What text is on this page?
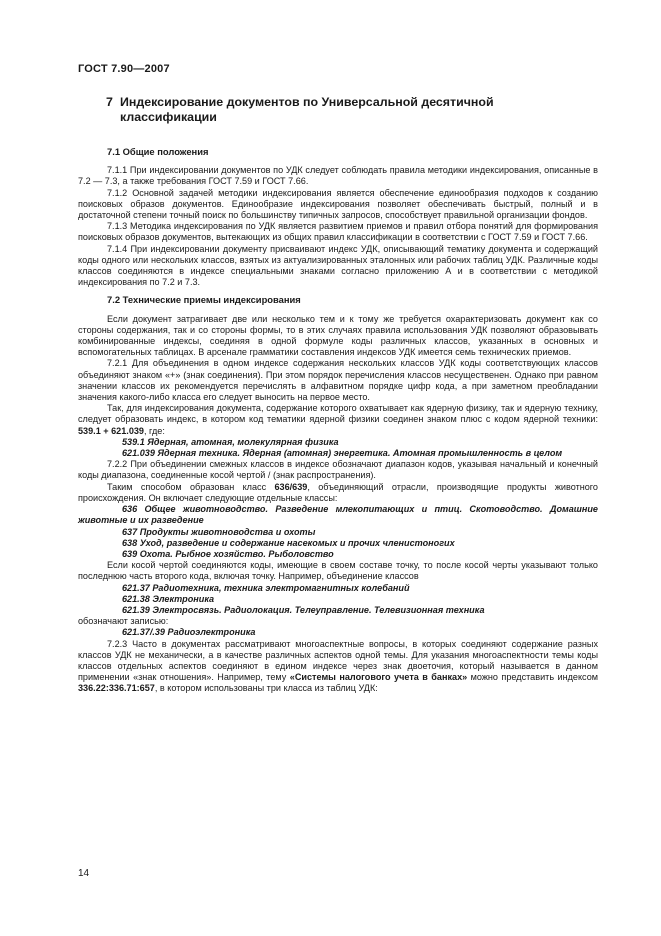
ГОСТ 7.90—2007
7 Индексирование документов по Универсальной десятичной
классификации
7.1 Общие положения

7.1.1 При индексировании документов по УДК следует соблюдать правила методики индексирования, описанные в 7.2 — 7.3, а также требования ГОСТ 7.59 и ГОСТ 7.66.

7.1.2 Основной задачей методики индексирования является обеспечение единообразия подходов к созданию поисковых образов документов. Единообразие индексирования позволяет обеспечивать быстрый, полный и в достаточной степени точный поиск по большинству типичных запросов, способствует правильной организации фондов.

7.1.3 Методика индексирования по УДК является развитием приемов и правил отбора понятий для формирования поисковых образов документов, вытекающих из общих правил классификации в соответствии с ГОСТ 7.59 и ГОСТ 7.66.

7.1.4 При индексировании документу присваивают индекс УДК, описывающий тематику документа и содержащий коды одного или нескольких классов, взятых из актуализированных эталонных или рабочих таблиц УДК. Различные коды классов соединяются в индексе специальными знаками согласно приложению А и в соответствии с методикой индексирования по 7.2 и 7.3.

7.2 Технические приемы индексирования

Если документ затрагивает две или несколько тем и к тому же требуется охарактеризовать документ как со стороны содержания, так и со стороны формы, то в этих случаях правила использования УДК позволяют образовывать комбинированные индексы, соединяя в одной формуле коды различных классов, указанных в основных и вспомогательных таблицах. В арсенале грамматики составления индексов УДК имеется семь технических приемов.

7.2.1 Для объединения в одном индексе содержания нескольких классов УДК коды соответствующих классов объединяют знаком «+» (знак соединения). При этом порядок перечисления классов несущественен. Однако при равном значении классов их рекомендуется перечислять в алфавитном порядке цифр кода, а при заметном преобладании значения какого-либо класса его следует выносить на первое место.

Так, для индексирования документа, содержание которого охватывает как ядерную физику, так и ядерную технику, следует образовать индекс, в котором код тематики ядерной физики соединен знаком плюс с кодом ядерной техники: 539.1 + 621.039, где:

539.1 Ядерная, атомная, молекулярная физика

621.039 Ядерная техника. Ядерная (атомная) энергетика. Атомная промышленность в целом

7.2.2 При объединении смежных классов в индексе обозначают диапазон кодов, указывая начальный и конечный коды диапазона, соединенные косой чертой / (знак распространения).

Таким способом образован класс 636/639, объединяющий отрасли, производящие продукты животного происхождения. Он включает следующие отдельные классы:

636 Общее животноводство. Разведение млекопитающих и птиц. Скотоводство. Домашние животные и их разведение

637 Продукты животноводства и охоты

638 Уход, разведение и содержание насекомых и прочих членистоногих

639 Охота. Рыбное хозяйство. Рыболовство

Если косой чертой соединяются коды, имеющие в своем составе точку, то после косой черты указывают только последнюю часть второго кода, включая точку. Например, объединение классов

621.37 Радиотехника, техника электромагнитных колебаний

621.38 Электроника

621.39 Электросвязь. Радиолокация. Телеуправление. Телевизионная техника

обозначают записью:

621.37/.39 Радиоэлектроника

7.2.3 Часто в документах рассматривают многоаспектные вопросы, в которых соединяют содержание разных классов УДК не механически, а в качестве различных аспектов одной темы. Для указания многоаспектности темы коды классов отдельных аспектов соединяют в едином индексе через знак двоеточия, который называется в данном применении «знак отношения». Например, тему «Системы налогового учета в банках» можно представить индексом 336.22:336.71:657, в котором использованы три класса из таблиц УДК:

14
